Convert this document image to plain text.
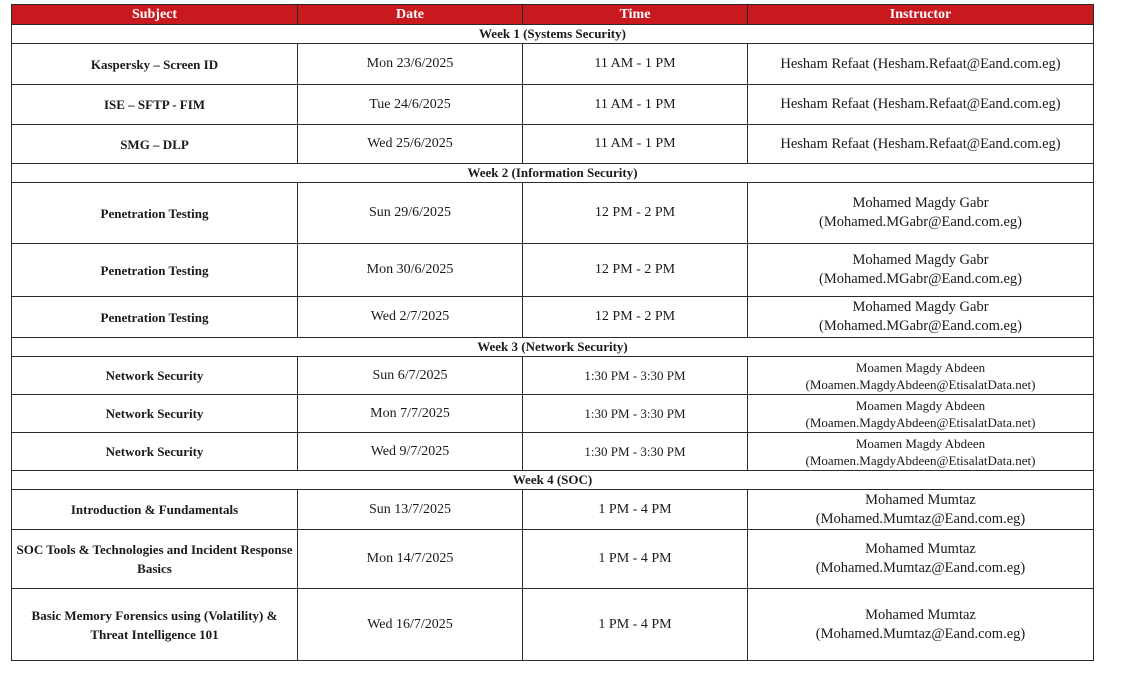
Subject	Date	Time	Instructor
Week 1 (Systems Security)			
Kaspersky – Screen ID	Mon 23/6/2025	11 AM - 1 PM	Hesham Refaat (Hesham.Refaat@Eand.com.eg)
ISE – SFTP - FIM	Tue 24/6/2025	11 AM - 1 PM	Hesham Refaat (Hesham.Refaat@Eand.com.eg)
SMG – DLP	Wed 25/6/2025	11 AM - 1 PM	Hesham Refaat (Hesham.Refaat@Eand.com.eg)
Week 2 (Information Security)			
Penetration Testing	Sun 29/6/2025	12 PM - 2 PM	Mohamed Magdy Gabr
(Mohamed.MGabr@Eand.com.eg)

Penetration Testing	Mon 30/6/2025	12 PM - 2 PM	Mohamed Magdy Gabr
(Mohamed.MGabr@Eand.com.eg)

Penetration Testing	Wed 2/7/2025	12 PM - 2 PM	Mohamed Magdy Gabr
(Mohamed.MGabr@Eand.com.eg)

Week 3 (Network Security)			
Network Security	Sun 6/7/2025	1:30 PM - 3:30 PM	Moamen Magdy Abdeen
(Moamen.MagdyAbdeen@EtisalatData.net)

Network Security	Mon 7/7/2025	1:30 PM - 3:30 PM	Moamen Magdy Abdeen
(Moamen.MagdyAbdeen@EtisalatData.net)

Network Security	Wed 9/7/2025	1:30 PM - 3:30 PM	Moamen Magdy Abdeen
(Moamen.MagdyAbdeen@EtisalatData.net)

Week 4 (SOC)			
Introduction & Fundamentals	Sun 13/7/2025	1 PM - 4 PM	Mohamed Mumtaz
(Mohamed.Mumtaz@Eand.com.eg)

SOC Tools & Technologies and Incident Response Basics	Mon 14/7/2025	1 PM - 4 PM	Mohamed Mumtaz
(Mohamed.Mumtaz@Eand.com.eg)

Basic Memory Forensics using (Volatility) & Threat Intelligence 101	Wed 16/7/2025	1 PM - 4 PM	Mohamed Mumtaz
(Mohamed.Mumtaz@Eand.com.eg)
